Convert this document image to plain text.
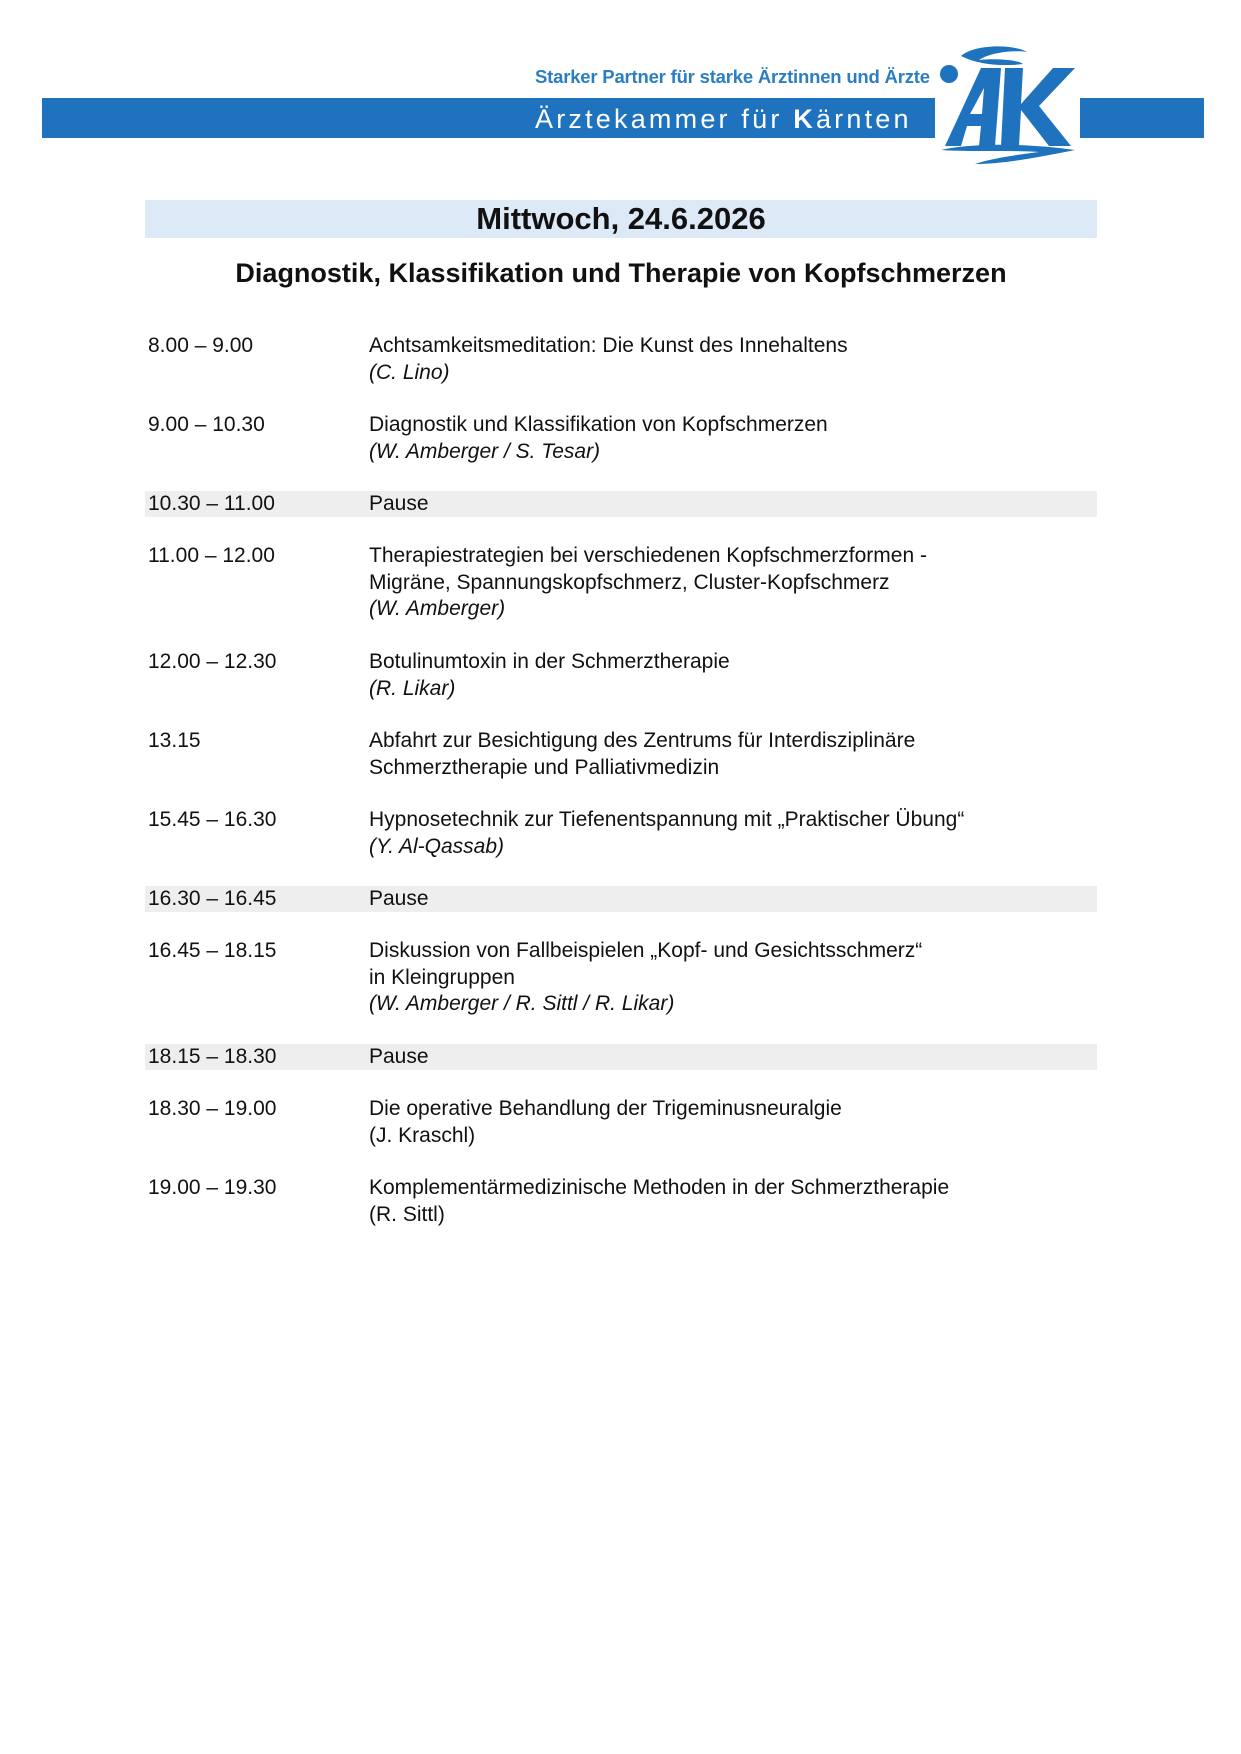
Starker Partner für starke Ärztinnen und Ärzte
Ärztekammer für Kärnten
Mittwoch, 24.6.2026
Diagnostik, Klassifikation und Therapie von Kopfschmerzen
8.00 – 9.00	Achtsamkeitsmeditation: Die Kunst des Innehaltens
(C. Lino)
9.00 – 10.30	Diagnostik und Klassifikation von Kopfschmerzen
(W. Amberger / S. Tesar)
10.30 – 11.00	Pause
11.00 – 12.00	Therapiestrategien bei verschiedenen Kopfschmerzformen -
Migräne, Spannungskopfschmerz, Cluster-Kopfschmerz
(W. Amberger)
12.00 – 12.30	Botulinumtoxin in der Schmerztherapie
(R. Likar)
13.15	Abfahrt zur Besichtigung des Zentrums für Interdisziplinäre
Schmerztherapie und Palliativmedizin
15.45 – 16.30	Hypnosetechnik zur Tiefenentspannung mit „Praktischer Übung“
(Y. Al-Qassab)
16.30 – 16.45	Pause
16.45 – 18.15	Diskussion von Fallbeispielen „Kopf- und Gesichtsschmerz“
in Kleingruppen
(W. Amberger / R. Sittl / R. Likar)
18.15 – 18.30	Pause
18.30 – 19.00	Die operative Behandlung der Trigeminusneuralgie
(J. Kraschl)
19.00 – 19.30	Komplementärmedizinische Methoden in der Schmerztherapie
(R. Sittl)
